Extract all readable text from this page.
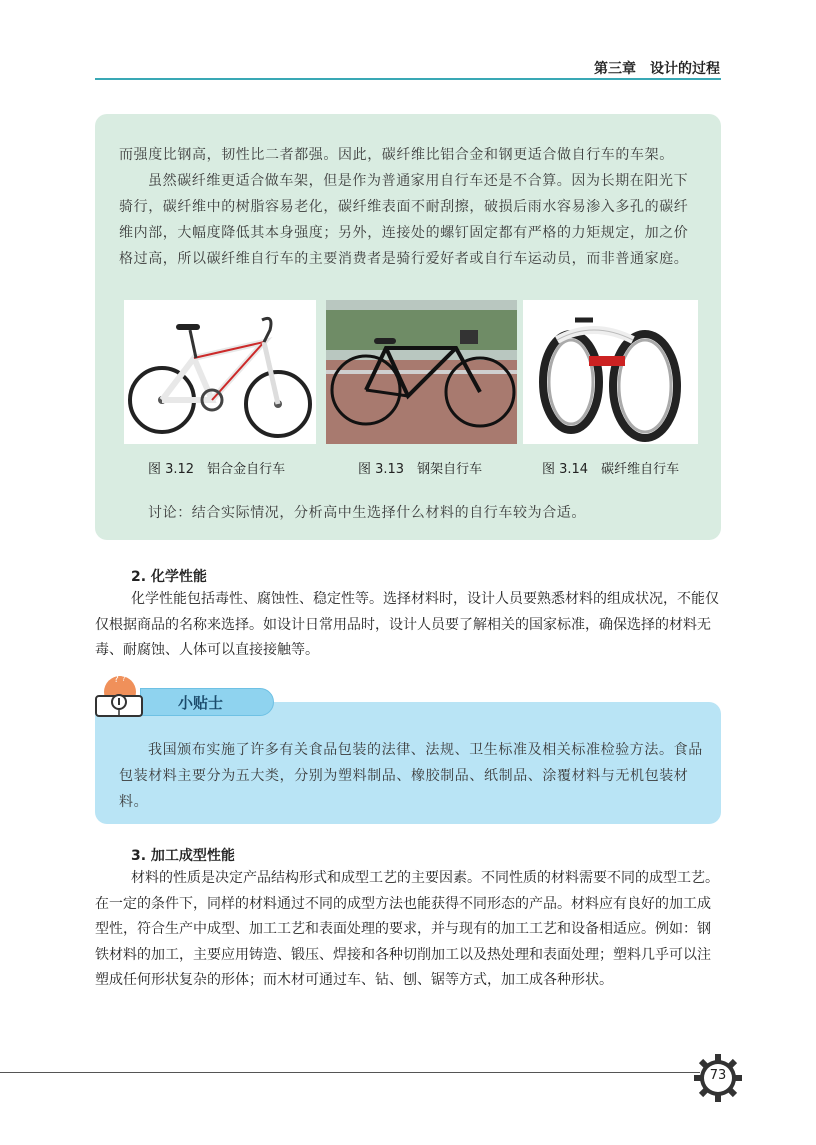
第三章　设计的过程

而强度比钢高，韧性比二者都强。因此，碳纤维比铝合金和钢更适合做自行车的车架。

虽然碳纤维更适合做车架，但是作为普通家用自行车还是不合算。因为长期在阳光下骑行，碳纤维中的树脂容易老化，碳纤维表面不耐刮擦，破损后雨水容易渗入多孔的碳纤维内部，大幅度降低其本身强度；另外，连接处的螺钉固定都有严格的力矩规定，加之价格过高，所以碳纤维自行车的主要消费者是骑行爱好者或自行车运动员，而非普通家庭。

图 3.12　铝合金自行车	图 3.13　钢架自行车	图 3.14　碳纤维自行车
讨论：结合实际情况，分析高中生选择什么材料的自行车较为合适。
2. 化学性能

化学性能包括毒性、腐蚀性、稳定性等。选择材料时，设计人员要熟悉材料的组成状况，不能仅仅根据商品的名称来选择。如设计日常用品时，设计人员要了解相关的国家标准，确保选择的材料无毒、耐腐蚀、人体可以直接接触等。

? ?
小贴士

我国颁布实施了许多有关食品包装的法律、法规、卫生标准及相关标准检验方法。食品包装材料主要分为五大类，分别为塑料制品、橡胶制品、纸制品、涂覆材料与无机包装材料。

3. 加工成型性能

材料的性质是决定产品结构形式和成型工艺的主要因素。不同性质的材料需要不同的成型工艺。在一定的条件下，同样的材料通过不同的成型方法也能获得不同形态的产品。材料应有良好的加工成型性，符合生产中成型、加工工艺和表面处理的要求，并与现有的加工工艺和设备相适应。例如：钢铁材料的加工，主要应用铸造、锻压、焊接和各种切削加工以及热处理和表面处理；塑料几乎可以注塑成任何形状复杂的形体；而木材可通过车、钻、刨、锯等方式，加工成各种形状。

73
